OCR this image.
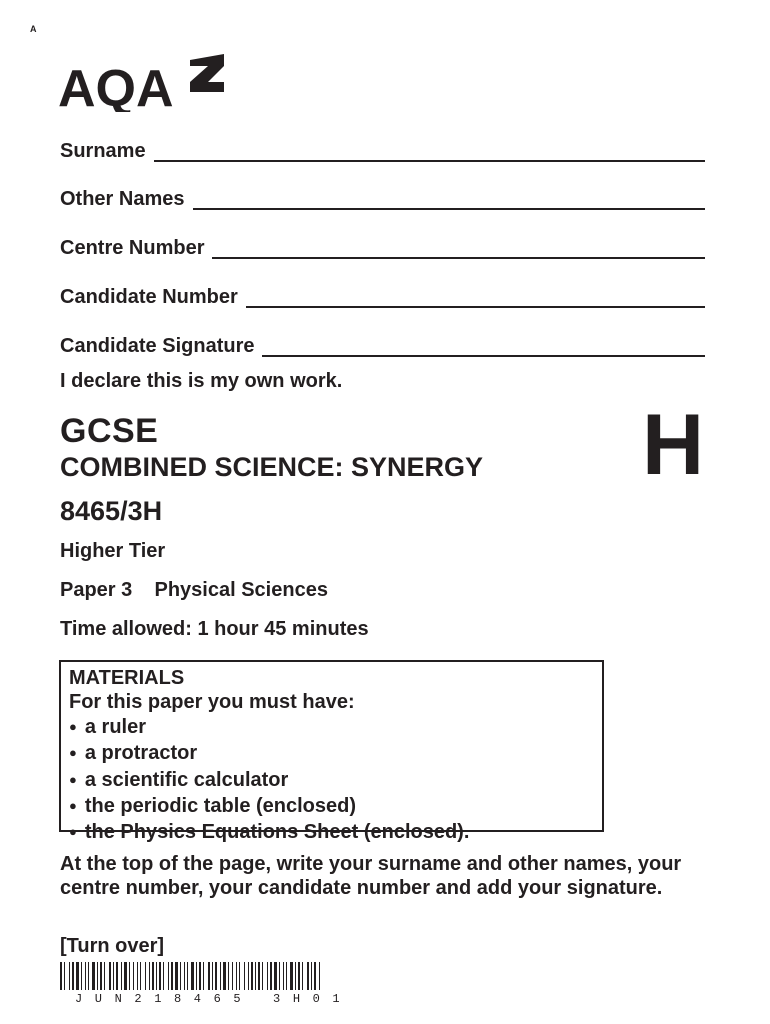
A
AQA
Surname
Other Names
Centre Number
Candidate Number
Candidate Signature
I declare this is my own work.
GCSE	H
COMBINED SCIENCE: SYNERGY
8465/3H
Higher Tier
Paper 3    Physical Sciences
Time allowed: 1 hour 45 minutes
MATERIALS
For this paper you must have:
● a ruler
● a protractor
● a scientific calculator
● the periodic table (enclosed)
● the Physics Equations Sheet (enclosed).
At the top of the page, write your surname and other names, your centre number, your candidate number and add your signature.
[Turn over]
JUN218465 3H01
